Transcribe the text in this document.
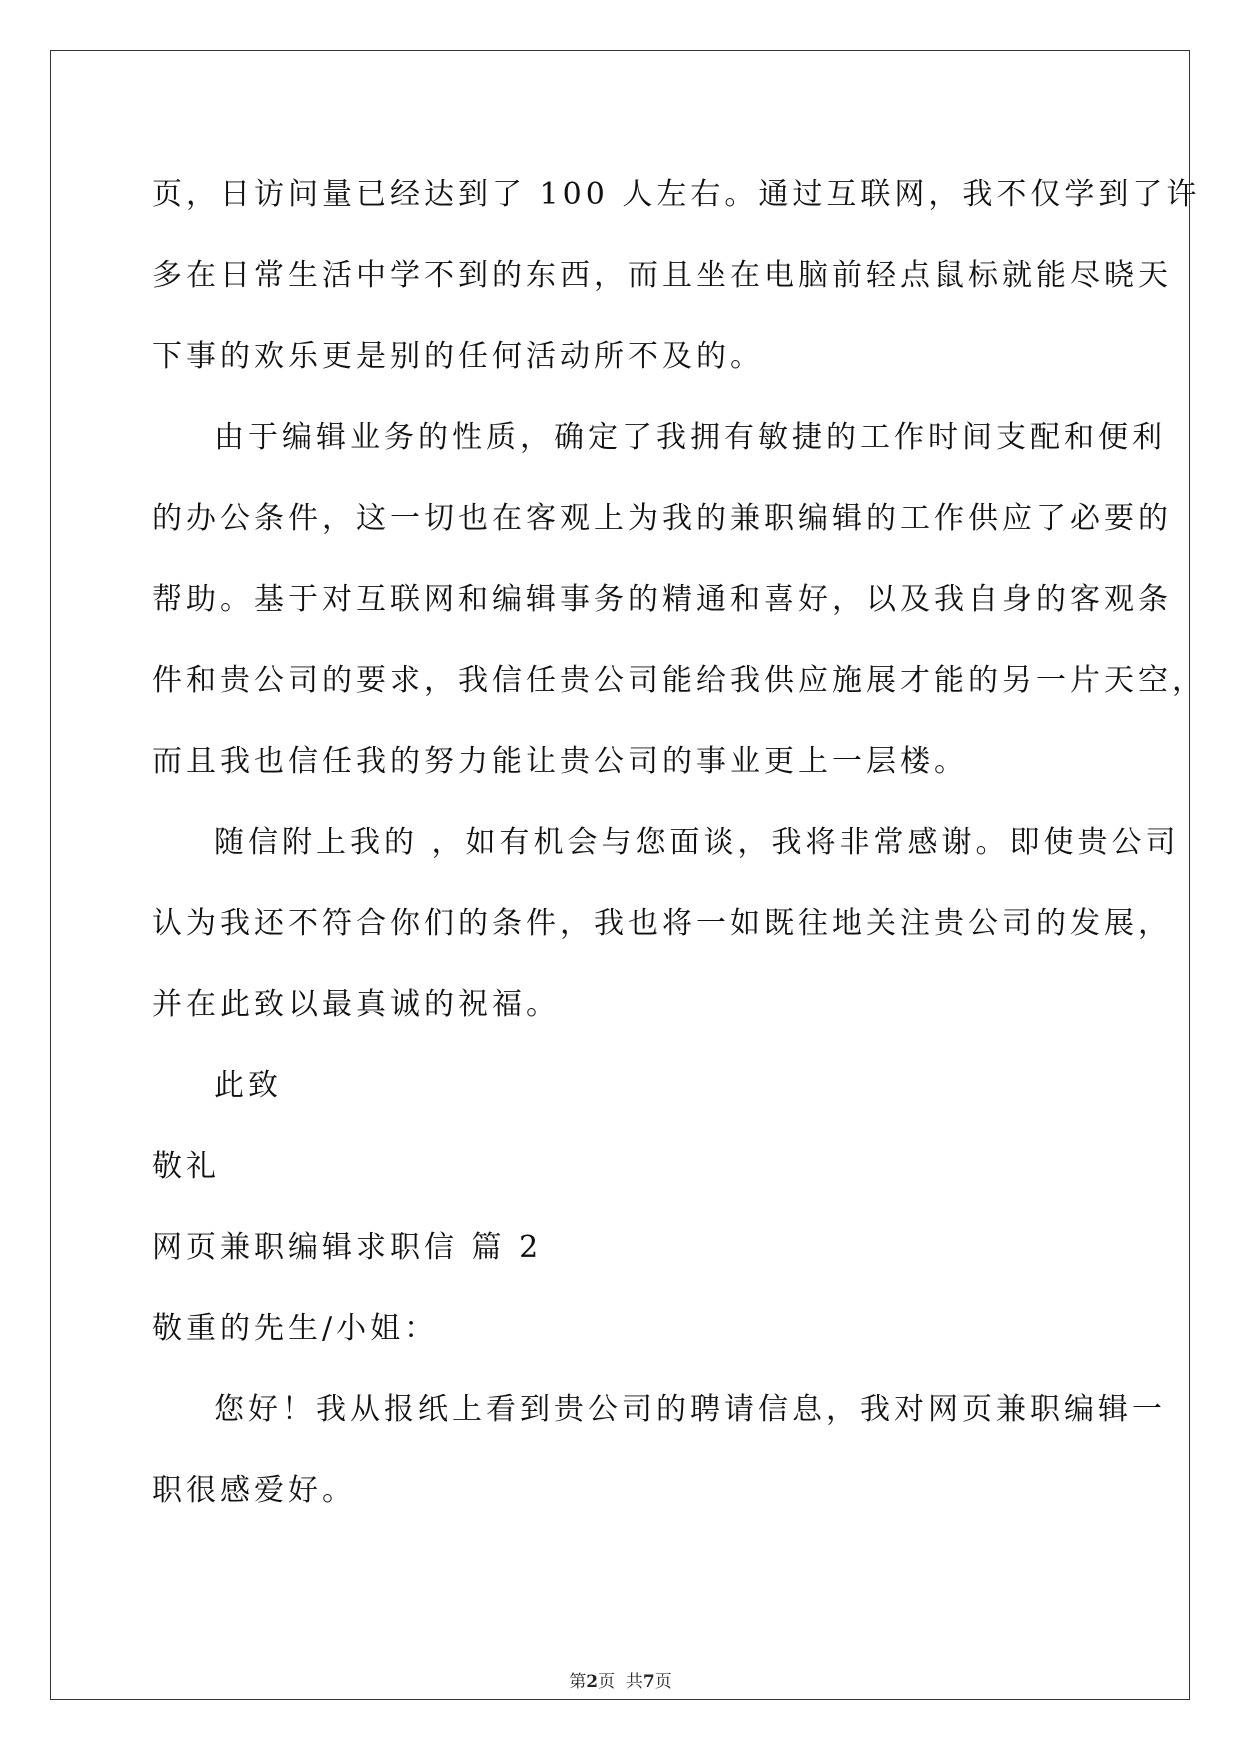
页，日访问量已经达到了 100 人左右。通过互联网，我不仅学到了许
多在日常生活中学不到的东西，而且坐在电脑前轻点鼠标就能尽晓天
下事的欢乐更是别的任何活动所不及的。
由于编辑业务的性质，确定了我拥有敏捷的工作时间支配和便利
的办公条件，这一切也在客观上为我的兼职编辑的工作供应了必要的
帮助。基于对互联网和编辑事务的精通和喜好，以及我自身的客观条
件和贵公司的要求，我信任贵公司能给我供应施展才能的另一片天空，
而且我也信任我的努力能让贵公司的事业更上一层楼。
随信附上我的 ，如有机会与您面谈，我将非常感谢。即使贵公司
认为我还不符合你们的条件，我也将一如既往地关注贵公司的发展，
并在此致以最真诚的祝福。
此致
敬礼
网页兼职编辑求职信 篇 2
敬重的先生/小姐：
您好！我从报纸上看到贵公司的聘请信息，我对网页兼职编辑一
职很感爱好。
第2页  共7页
